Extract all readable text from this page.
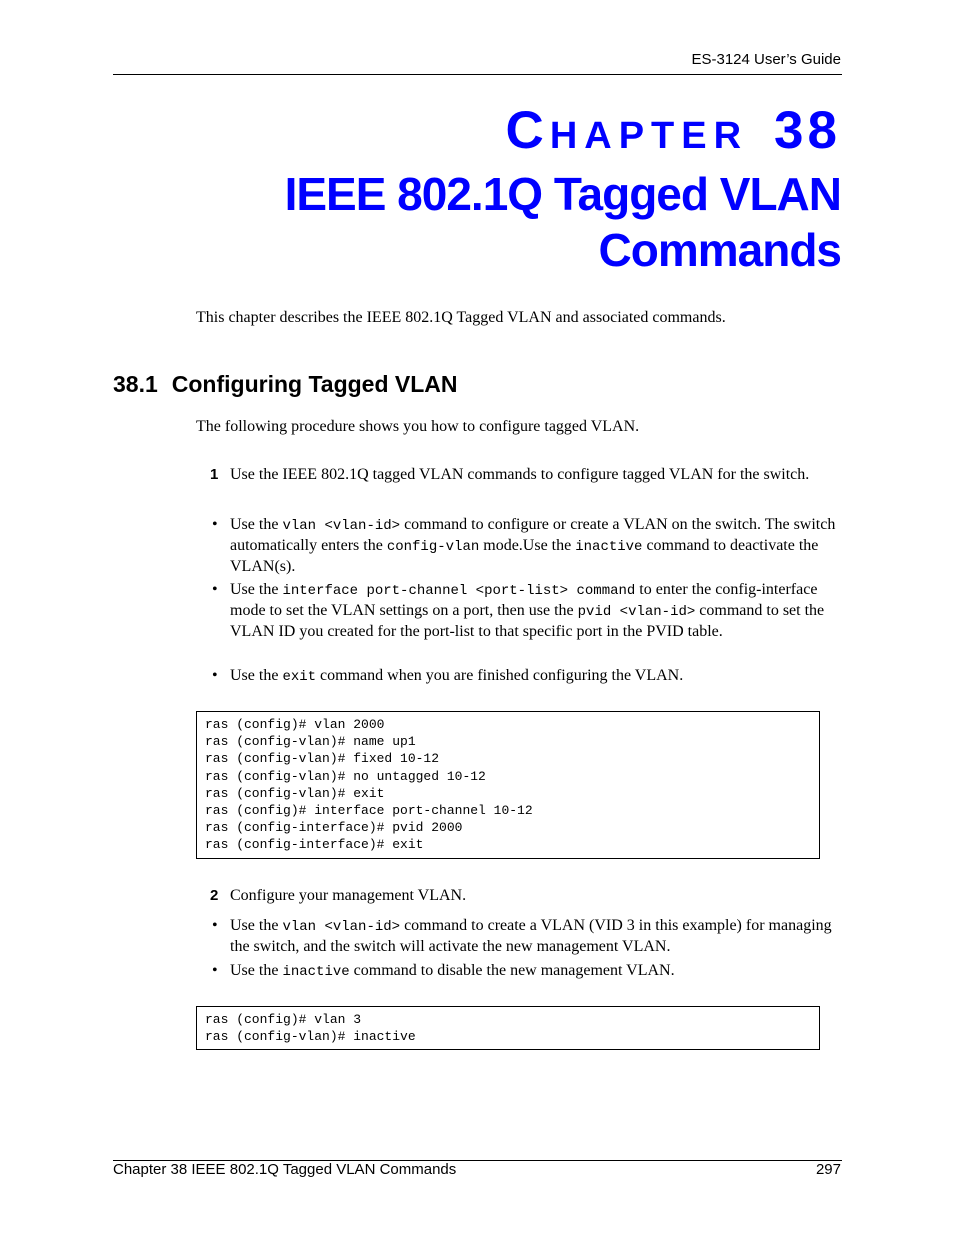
ES-3124 User’s Guide
CHAPTER 38
IEEE 802.1Q Tagged VLAN
Commands
This chapter describes the IEEE 802.1Q Tagged VLAN and associated commands.
38.1 Configuring Tagged VLAN
The following procedure shows you how to configure tagged VLAN.
1 Use the IEEE 802.1Q tagged VLAN commands to configure tagged VLAN for the switch.
• Use the vlan <vlan-id> command to configure or create a VLAN on the switch. The switch automatically enters the config-vlan mode.Use the inactive command to deactivate the VLAN(s).
• Use the interface port-channel <port-list> command to enter the config-interface mode to set the VLAN settings on a port, then use the pvid <vlan-id> command to set the VLAN ID you created for the port-list to that specific port in the PVID table.
• Use the exit command when you are finished configuring the VLAN.
ras (config)# vlan 2000
ras (config-vlan)# name up1
ras (config-vlan)# fixed 10-12
ras (config-vlan)# no untagged 10-12
ras (config-vlan)# exit
ras (config)# interface port-channel 10-12
ras (config-interface)# pvid 2000
ras (config-interface)# exit
2 Configure your management VLAN.
• Use the vlan <vlan-id> command to create a VLAN (VID 3 in this example) for managing the switch, and the switch will activate the new management VLAN.
• Use the inactive command to disable the new management VLAN.
ras (config)# vlan 3
ras (config-vlan)# inactive
Chapter 38 IEEE 802.1Q Tagged VLAN Commands	297
